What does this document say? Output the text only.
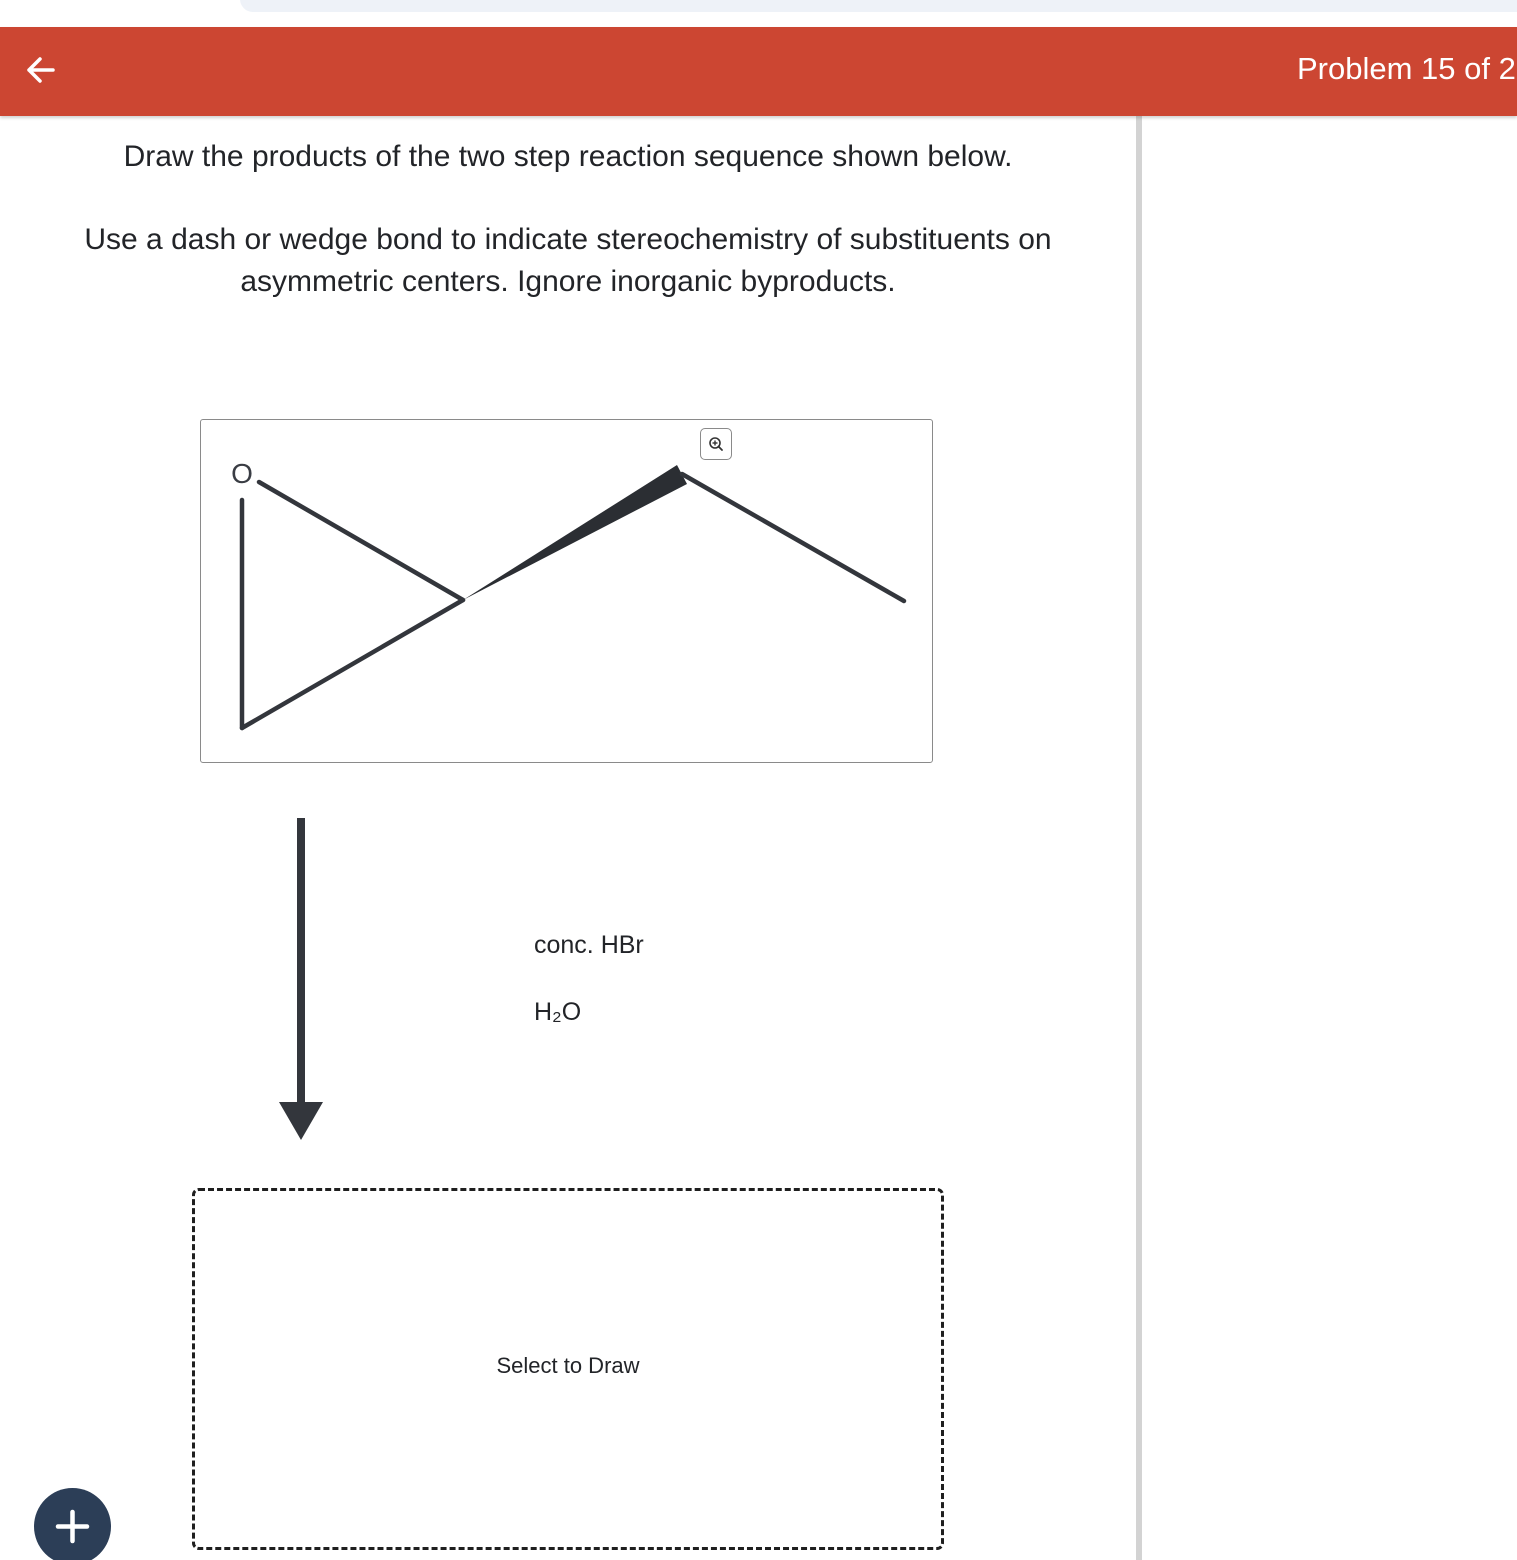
Problem 15 of 2
Draw the products of the two step reaction sequence shown below.
Use a dash or wedge bond to indicate stereochemistry of substituents on asymmetric centers. Ignore inorganic byproducts.
O
conc. HBr
H₂O
Select to Draw
